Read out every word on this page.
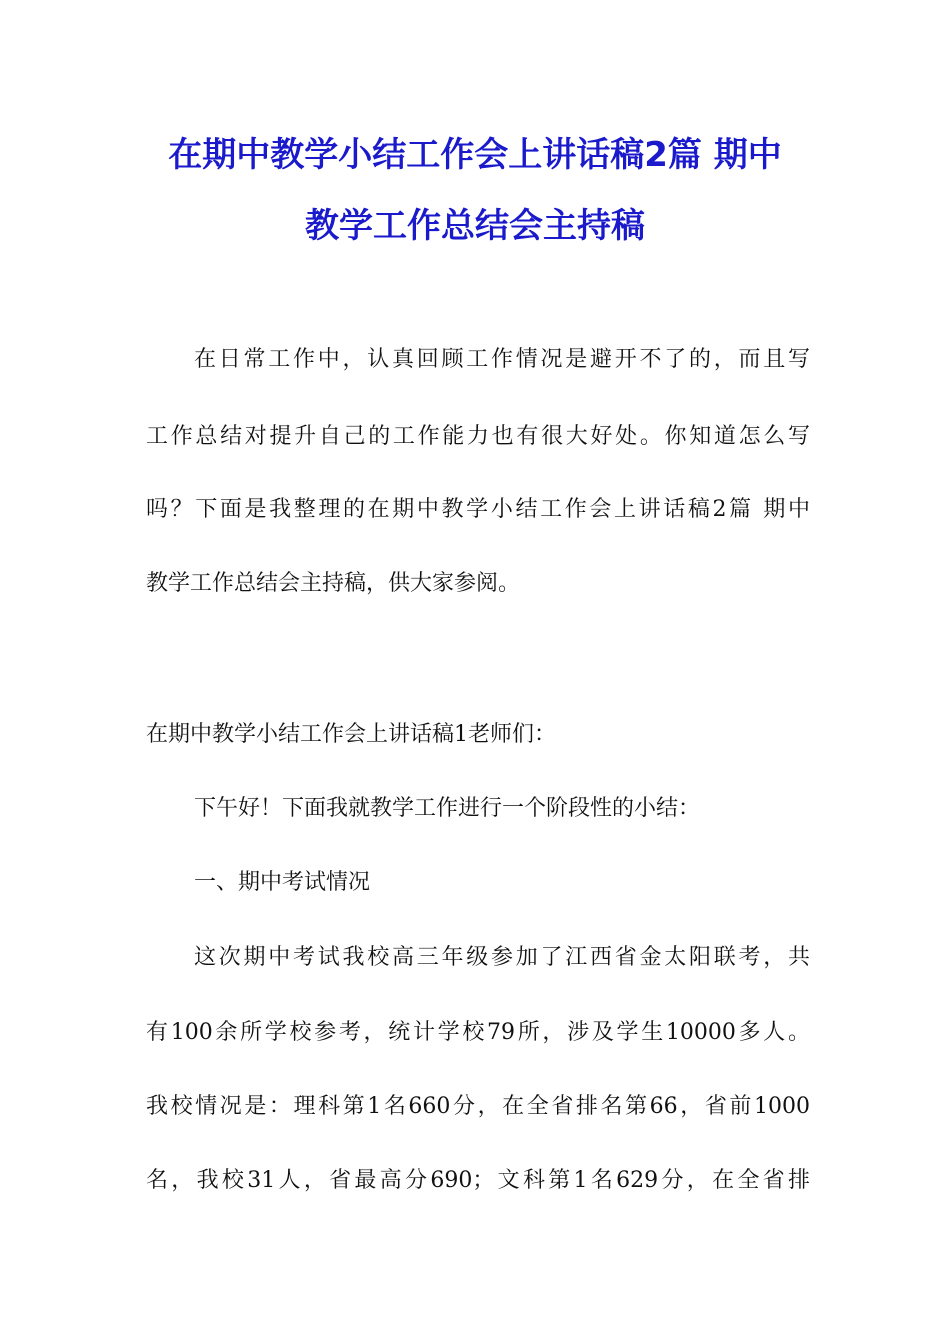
在期中教学小结工作会上讲话稿2篇 期中
教学工作总结会主持稿
在日常工作中，认真回顾工作情况是避开不了的，而且写
工作总结对提升自己的工作能力也有很大好处。你知道怎么写
吗？下面是我整理的在期中教学小结工作会上讲话稿2篇 期中
教学工作总结会主持稿，供大家参阅。
在期中教学小结工作会上讲话稿1老师们：
下午好！下面我就教学工作进行一个阶段性的小结：
一、期中考试情况
这次期中考试我校高三年级参加了江西省金太阳联考，共
有100余所学校参考，统计学校79所，涉及学生10000多人。
我校情况是：理科第1名660分，在全省排名第66，省前1000
名，我校31人，省最高分690；文科第1名629分，在全省排
